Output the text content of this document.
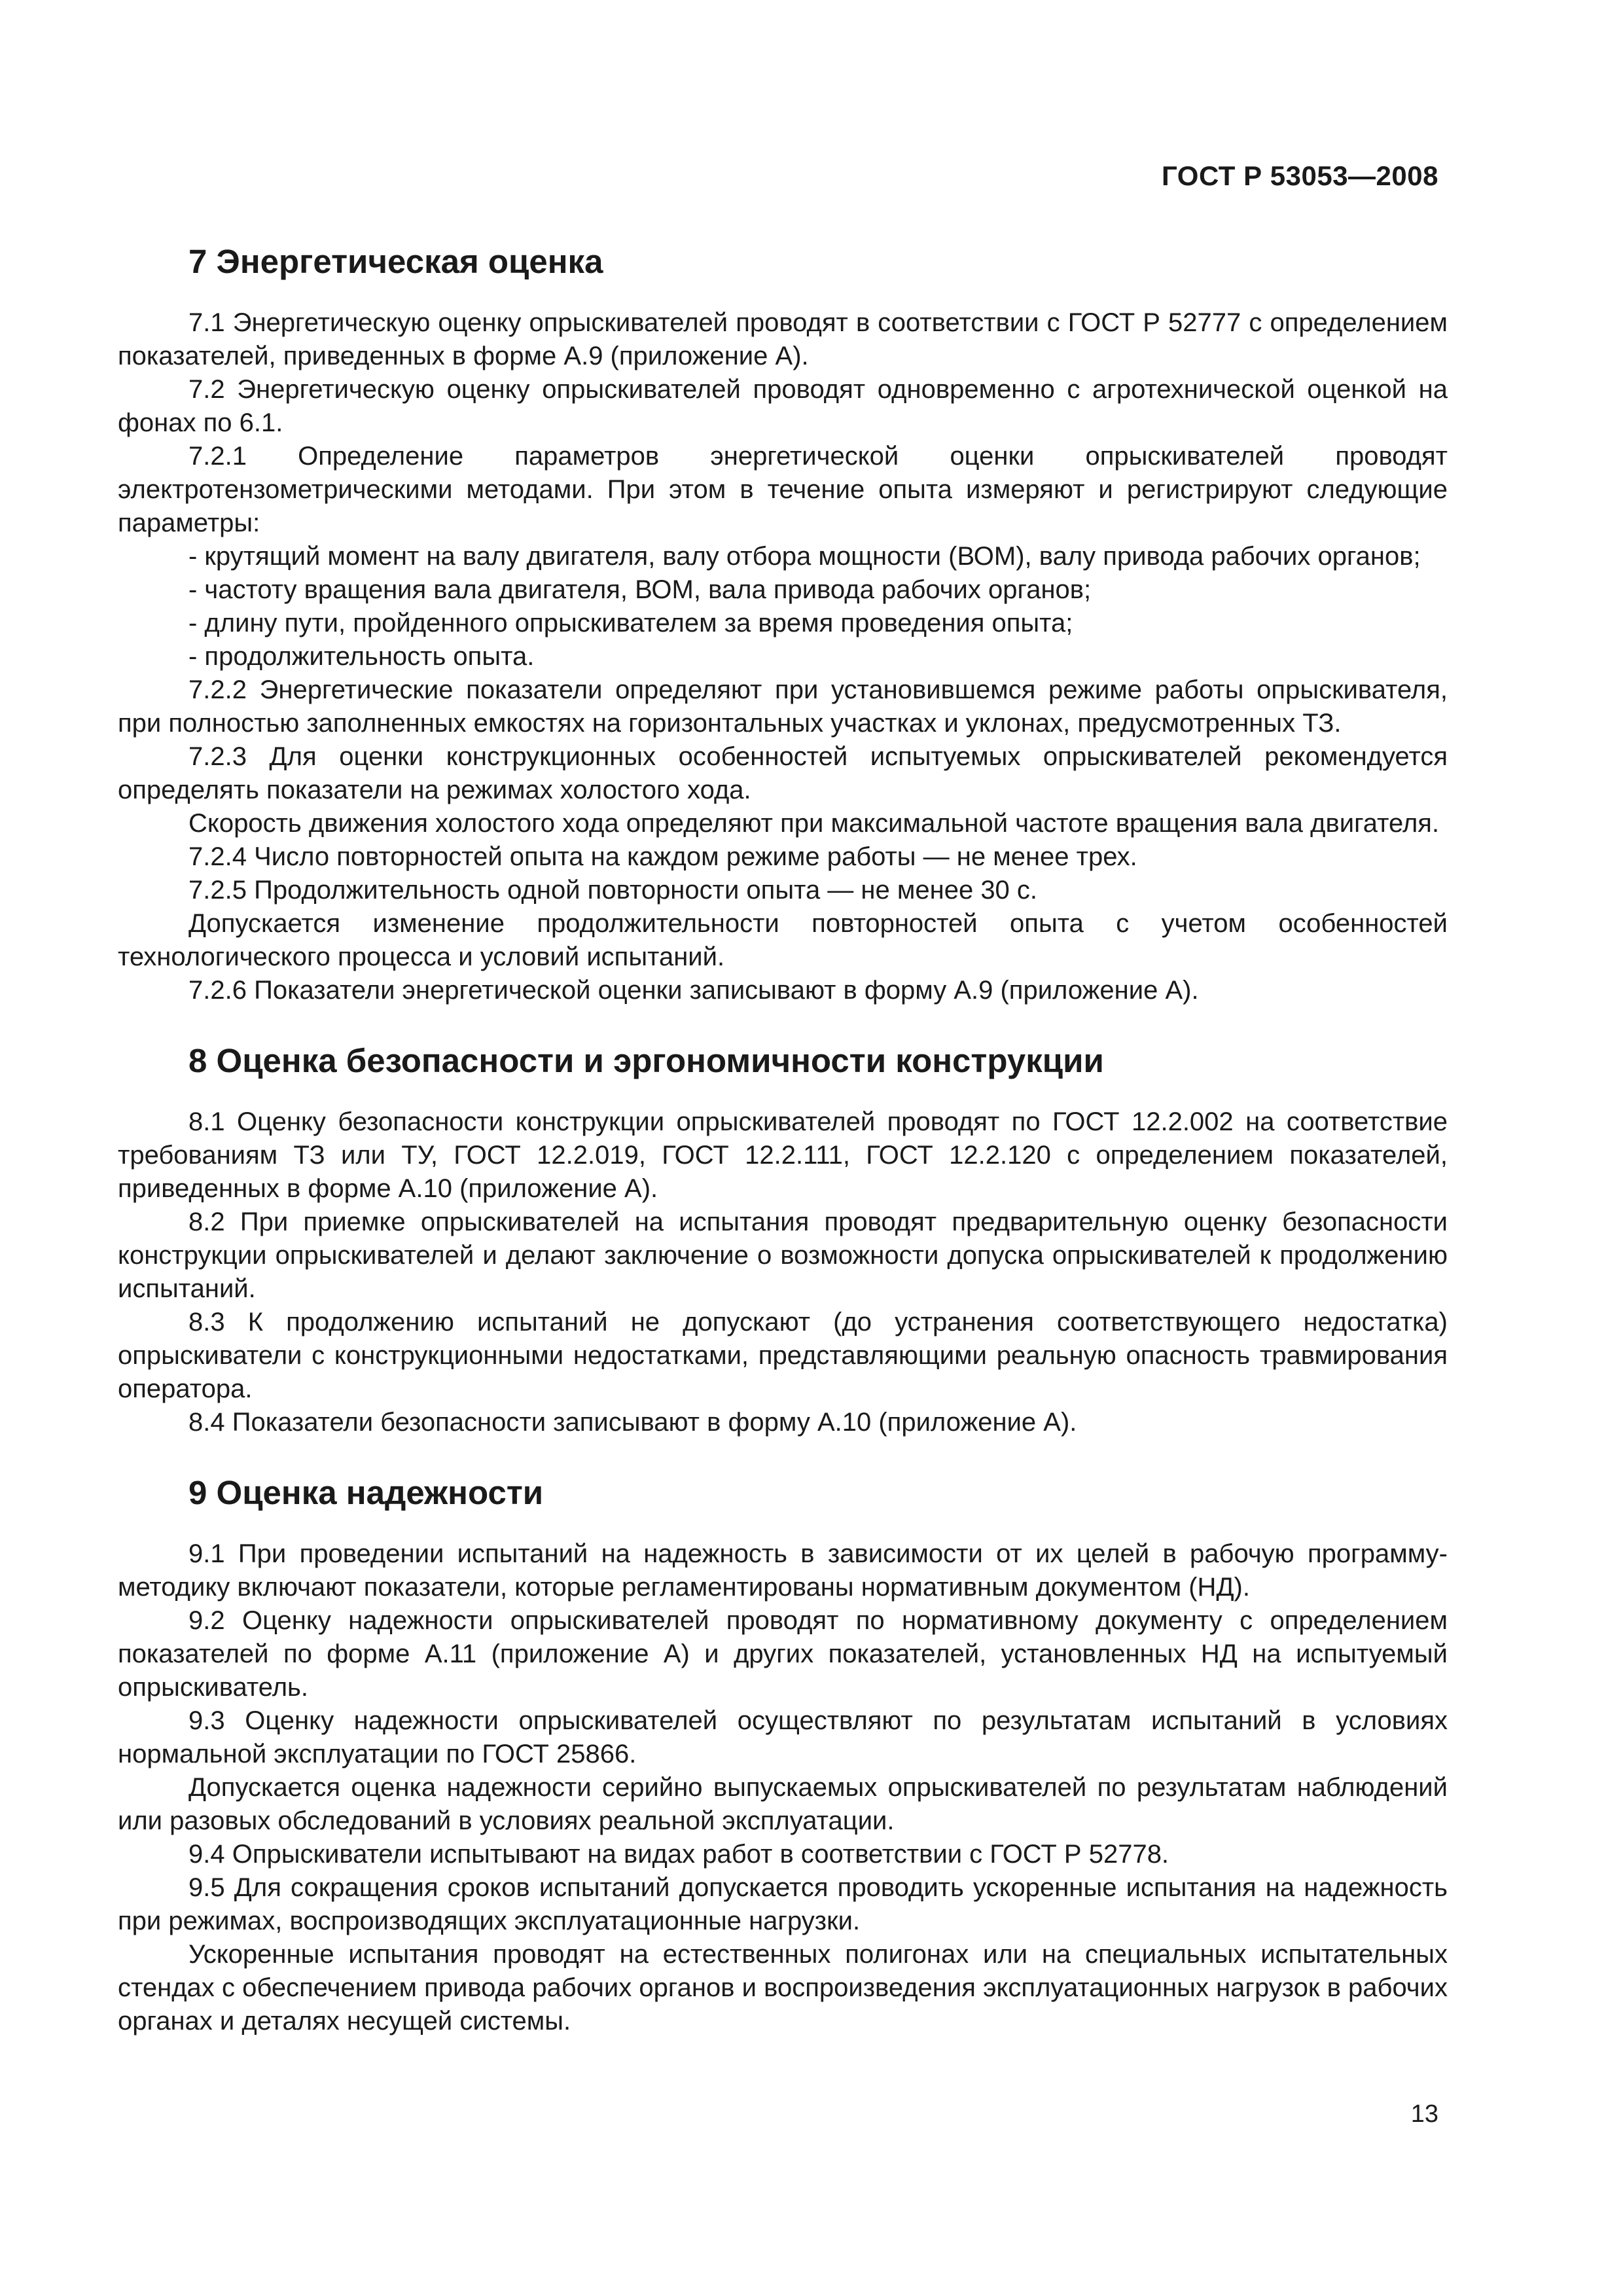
ГОСТ Р 53053—2008
7 Энергетическая оценка

7.1 Энергетическую оценку опрыскивателей проводят в соответствии с ГОСТ Р 52777 с определением показателей, приведенных в форме А.9 (приложение А).

7.2 Энергетическую оценку опрыскивателей проводят одновременно с агротехнической оценкой на фонах по 6.1.

7.2.1 Определение параметров энергетической оценки опрыскивателей проводят электротензометрическими методами. При этом в течение опыта измеряют и регистрируют следующие параметры:

- крутящий момент на валу двигателя, валу отбора мощности (ВОМ), валу привода рабочих органов;

- частоту вращения вала двигателя, ВОМ, вала привода рабочих органов;

- длину пути, пройденного опрыскивателем за время проведения опыта;

- продолжительность опыта.

7.2.2 Энергетические показатели определяют при установившемся режиме работы опрыскивателя, при полностью заполненных емкостях на горизонтальных участках и уклонах, предусмотренных ТЗ.

7.2.3 Для оценки конструкционных особенностей испытуемых опрыскивателей рекомендуется определять показатели на режимах холостого хода.

Скорость движения холостого хода определяют при максимальной частоте вращения вала двигателя.

7.2.4 Число повторностей опыта на каждом режиме работы — не менее трех.

7.2.5 Продолжительность одной повторности опыта — не менее 30 с.

Допускается изменение продолжительности повторностей опыта с учетом особенностей технологического процесса и условий испытаний.

7.2.6 Показатели энергетической оценки записывают в форму А.9 (приложение А).

8 Оценка безопасности и эргономичности конструкции

8.1 Оценку безопасности конструкции опрыскивателей проводят по ГОСТ 12.2.002 на соответствие требованиям ТЗ или ТУ, ГОСТ 12.2.019, ГОСТ 12.2.111, ГОСТ 12.2.120 с определением показателей, приведенных в форме А.10 (приложение А).

8.2 При приемке опрыскивателей на испытания проводят предварительную оценку безопасности конструкции опрыскивателей и делают заключение о возможности допуска опрыскивателей к продолжению испытаний.

8.3 К продолжению испытаний не допускают (до устранения соответствующего недостатка) опрыскиватели с конструкционными недостатками, представляющими реальную опасность травмирования оператора.

8.4 Показатели безопасности записывают в форму А.10 (приложение А).

9 Оценка надежности

9.1 При проведении испытаний на надежность в зависимости от их целей в рабочую программу-методику включают показатели, которые регламентированы нормативным документом (НД).

9.2 Оценку надежности опрыскивателей проводят по нормативному документу с определением показателей по форме А.11 (приложение А) и других показателей, установленных НД на испытуемый опрыскиватель.

9.3 Оценку надежности опрыскивателей осуществляют по результатам испытаний в условиях нормальной эксплуатации по ГОСТ 25866.

Допускается оценка надежности серийно выпускаемых опрыскивателей по результатам наблюдений или разовых обследований в условиях реальной эксплуатации.

9.4 Опрыскиватели испытывают на видах работ в соответствии с ГОСТ Р 52778.

9.5 Для сокращения сроков испытаний допускается проводить ускоренные испытания на надежность при режимах, воспроизводящих эксплуатационные нагрузки.

Ускоренные испытания проводят на естественных полигонах или на специальных испытательных стендах с обеспечением привода рабочих органов и воспроизведения эксплуатационных нагрузок в рабочих органах и деталях несущей системы.

13
